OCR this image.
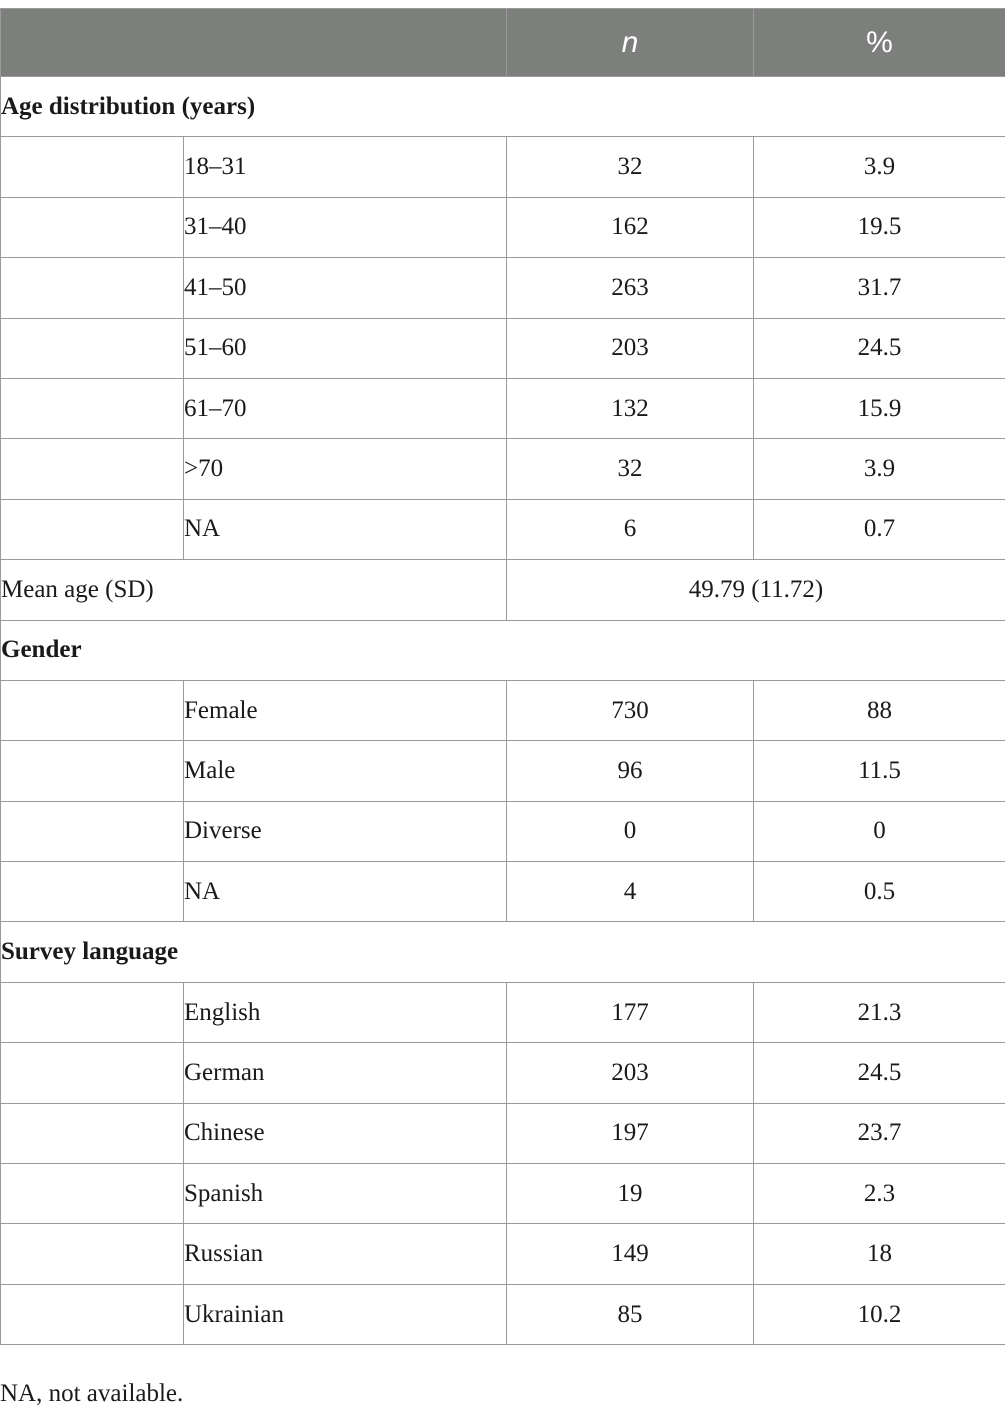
		n	%
Age distribution (years)			
	18–31	32	3.9
	31–40	162	19.5
	41–50	263	31.7
	51–60	203	24.5
	61–70	132	15.9
	>70	32	3.9
	NA	6	0.7
Mean age (SD)		49.79 (11.72)	
Gender			
	Female	730	88
	Male	96	11.5
	Diverse	0	0
	NA	4	0.5
Survey language			
	English	177	21.3
	German	203	24.5
	Chinese	197	23.7
	Spanish	19	2.3
	Russian	149	18
	Ukrainian	85	10.2
NA, not available.
